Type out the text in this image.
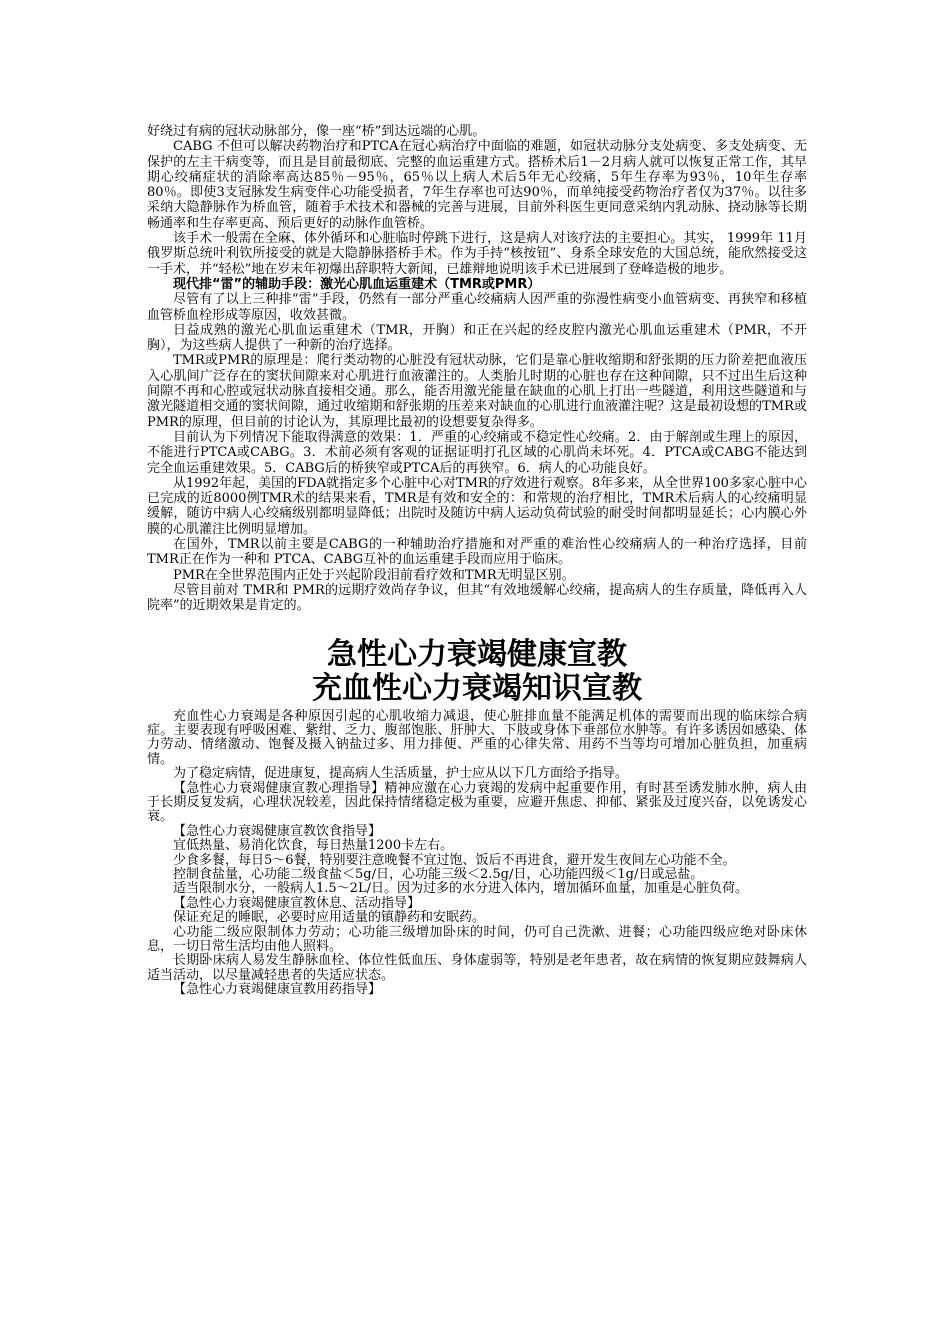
好绕过有病的冠状动脉部分，像一座“桥”到达远端的心肌。

CABG 不但可以解决药物治疗和PTCA在冠心病治疗中面临的难题，如冠状动脉分支处病变、多支处病变、无保护的左主干病变等，而且是目前最彻底、完整的血运重建方式。搭桥术后1－2月病人就可以恢复正常工作，其早期心绞痛症状的消除率高达85％－95％，65％以上病人术后5年无心绞痛，5年生存率为93％，10年生存率80％。即使3支冠脉发生病变伴心功能受损者，7年生存率也可达90％，而单纯接受药物治疗者仅为37％。以往多采纳大隐静脉作为桥血管，随着手术技术和器械的完善与进展，目前外科医生更同意采纳内乳动脉、挠动脉等长期畅通率和生存率更高、预后更好的动脉作血管桥。

该手术一般需在全麻、体外循环和心脏临时停跳下进行，这是病人对该疗法的主要担心。其实， 1999年 11月俄罗斯总统叶利钦所接受的就是大隐静脉搭桥手术。作为手持“核按钮”、身系全球安危的大国总统，能欣然接受这一手术，并“轻松”地在岁末年初爆出辞职特大新闻，已雄辩地说明该手术已进展到了登峰造极的地步。

现代排“雷”的辅助手段：激光心肌血运重建术（TMR或PMR）

尽管有了以上三种排“雷”手段，仍然有一部分严重心绞痛病人因严重的弥漫性病变小血管病变、再狭窄和移植血管桥血栓形成等原因，收效甚微。

日益成熟的激光心肌血运重建术（TMR，开胸）和正在兴起的经皮腔内激光心肌血运重建术（PMR，不开胸），为这些病人提供了一种新的治疗选择。

TMR或PMR的原理是：爬行类动物的心脏没有冠状动脉，它们是靠心脏收缩期和舒张期的压力阶差把血液压入心肌间广泛存在的窦状间隙来对心肌进行血液灌注的。人类胎儿时期的心脏也存在这种间隙，只不过出生后这种间隙不再和心腔或冠状动脉直接相交通。那么，能否用激光能量在缺血的心肌上打出一些隧道，利用这些隧道和与激光隧道相交通的窦状间隙，通过收缩期和舒张期的压差来对缺血的心肌进行血液灌注呢？这是最初设想的TMR或PMR的原理，但目前的讨论认为，其原理比最初的设想要复杂得多。

目前认为下列情况下能取得满意的效果：1．严重的心绞痛或不稳定性心绞痛。2．由于解剖或生理上的原因，不能进行PTCA或CABG。3．术前必须有客观的证据证明打孔区域的心肌尚未坏死。4．PTCA或CABG不能达到完全血运重建效果。5．CABG后的桥狭窄或PTCA后的再狭窄。6．病人的心功能良好。

从1992年起，美国的FDA就指定多个心脏中心对TMR的疗效进行观察。8年多来，从全世界100多家心脏中心已完成的近8000例TMR术的结果来看，TMR是有效和安全的：和常规的治疗相比，TMR术后病人的心绞痛明显缓解，随访中病人心绞痛级别都明显降低；出院时及随访中病人运动负荷试验的耐受时间都明显延长；心内膜心外膜的心肌灌注比例明显增加。

在国外，TMR以前主要是CABG的一种辅助治疗措施和对严重的难治性心绞痛病人的一种治疗选择，目前 TMR正在作为一种和 PTCA、CABG互补的血运重建手段而应用于临床。

PMR在全世界范围内正处于兴起阶段泪前看疗效和TMR无明显区别。

尽管目前对 TMR和 PMR的远期疗效尚存争议，但其“有效地缓解心绞痛，提高病人的生存质量，降低再入人院率”的近期效果是肯定的。

急性心力衰竭健康宣教
充血性心力衰竭知识宣教

充血性心力衰竭是各种原因引起的心肌收缩力减退，使心脏排血量不能满足机体的需要而出现的临床综合病症。主要表现有呼吸困难、紫绀、乏力、腹部饱胀、肝肿大、下肢或身体下垂部位水肿等。有许多诱因如感染、体力劳动、情绪激动、饱餐及摄入钠盐过多、用力排便、严重的心律失常、用药不当等均可增加心脏负担，加重病情。

为了稳定病情，促进康复，提高病人生活质量，护士应从以下几方面给予指导。

【急性心力衰竭健康宣教心理指导】精神应激在心力衰竭的发病中起重要作用，有时甚至诱发肺水肿，病人由于长期反复发病，心理状况较差，因此保持情绪稳定极为重要，应避开焦虑、抑郁、紧张及过度兴奋，以免诱发心衰。

【急性心力衰竭健康宣教饮食指导】

宜低热量、易消化饮食，每日热量1200卡左右。

少食多餐，每日5～6餐，特别要注意晚餐不宜过饱、饭后不再进食，避开发生夜间左心功能不全。

控制食盐量，心功能二级食盐＜5g/日，心功能三级＜2.5g/日，心功能四级＜1g/日或忌盐。

适当限制水分，一般病人1.5～2L/日。因为过多的水分进入体内，增加循环血量，加重是心脏负荷。

【急性心力衰竭健康宣教休息、活动指导】

保证充足的睡眠，必要时应用适量的镇静药和安眠药。

心功能二级应限制体力劳动；心功能三级增加卧床的时间，仍可自己洗漱、进餐；心功能四级应绝对卧床休息，一切日常生活均由他人照料。

长期卧床病人易发生静脉血栓、体位性低血压、身体虚弱等，特别是老年患者，故在病情的恢复期应鼓舞病人适当活动，以尽量减轻患者的失适应状态。

【急性心力衰竭健康宣教用药指导】
